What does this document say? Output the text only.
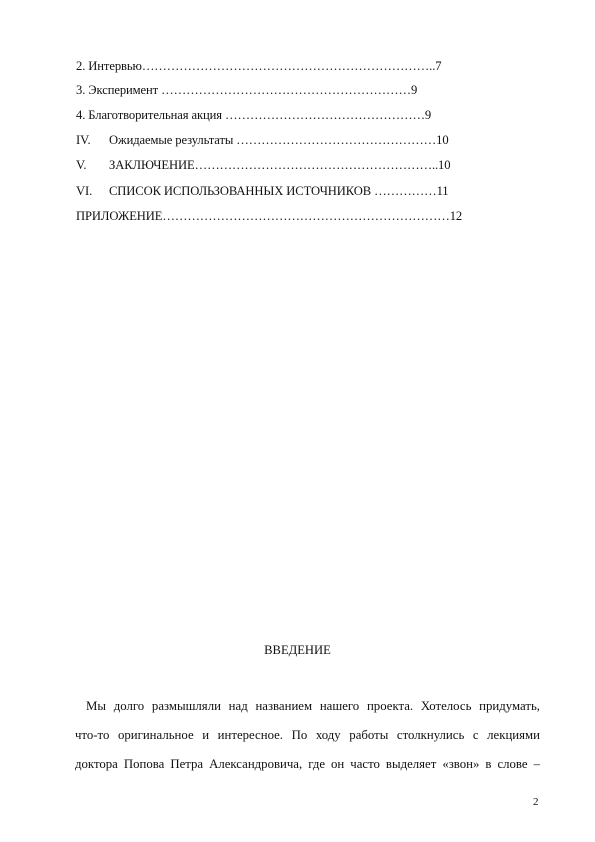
2. Интервью……………………………………………………………..7
3. Эксперимент ……………………………………………………9
4. Благотворительная акция …………………………………………9
IV. Ожидаемые результаты …………………………………………10
V. ЗАКЛЮЧЕНИЕ…………………………………………………..10
VI. СПИСОК ИСПОЛЬЗОВАННЫХ ИСТОЧНИКОВ ……………11
ПРИЛОЖЕНИЕ……………………………………………………………12
ВВЕДЕНИЕ
Мы долго размышляли над названием нашего проекта. Хотелось придумать,
что-то оригинальное и интересное. По ходу работы столкнулись с лекциями
доктора Попова Петра Александровича, где он часто выделяет «звон» в слове –
2
